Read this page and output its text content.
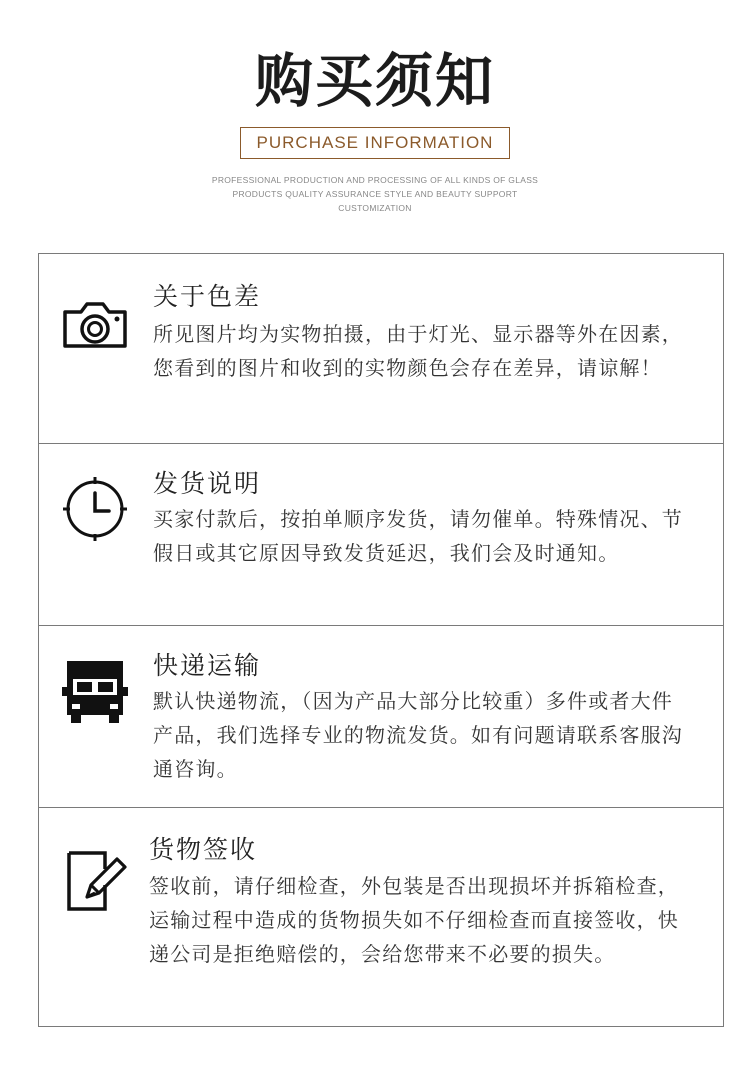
购买须知
PURCHASE INFORMATION
PROFESSIONAL PRODUCTION AND PROCESSING OF ALL KINDS OF GLASS PRODUCTS QUALITY ASSURANCE STYLE AND BEAUTY SUPPORT CUSTOMIZATION
关于色差
所见图片均为实物拍摄，由于灯光、显示器等外在因素，您看到的图片和收到的实物颜色会存在差异，请谅解！
发货说明
买家付款后，按拍单顺序发货，请勿催单。特殊情况、节假日或其它原因导致发货延迟，我们会及时通知。
快递运输
默认快递物流，（因为产品大部分比较重）多件或者大件产品，我们选择专业的物流发货。如有问题请联系客服沟通咨询。
货物签收
签收前，请仔细检查，外包装是否出现损坏并拆箱检查，运输过程中造成的货物损失如不仔细检查而直接签收，快递公司是拒绝赔偿的，会给您带来不必要的损失。
